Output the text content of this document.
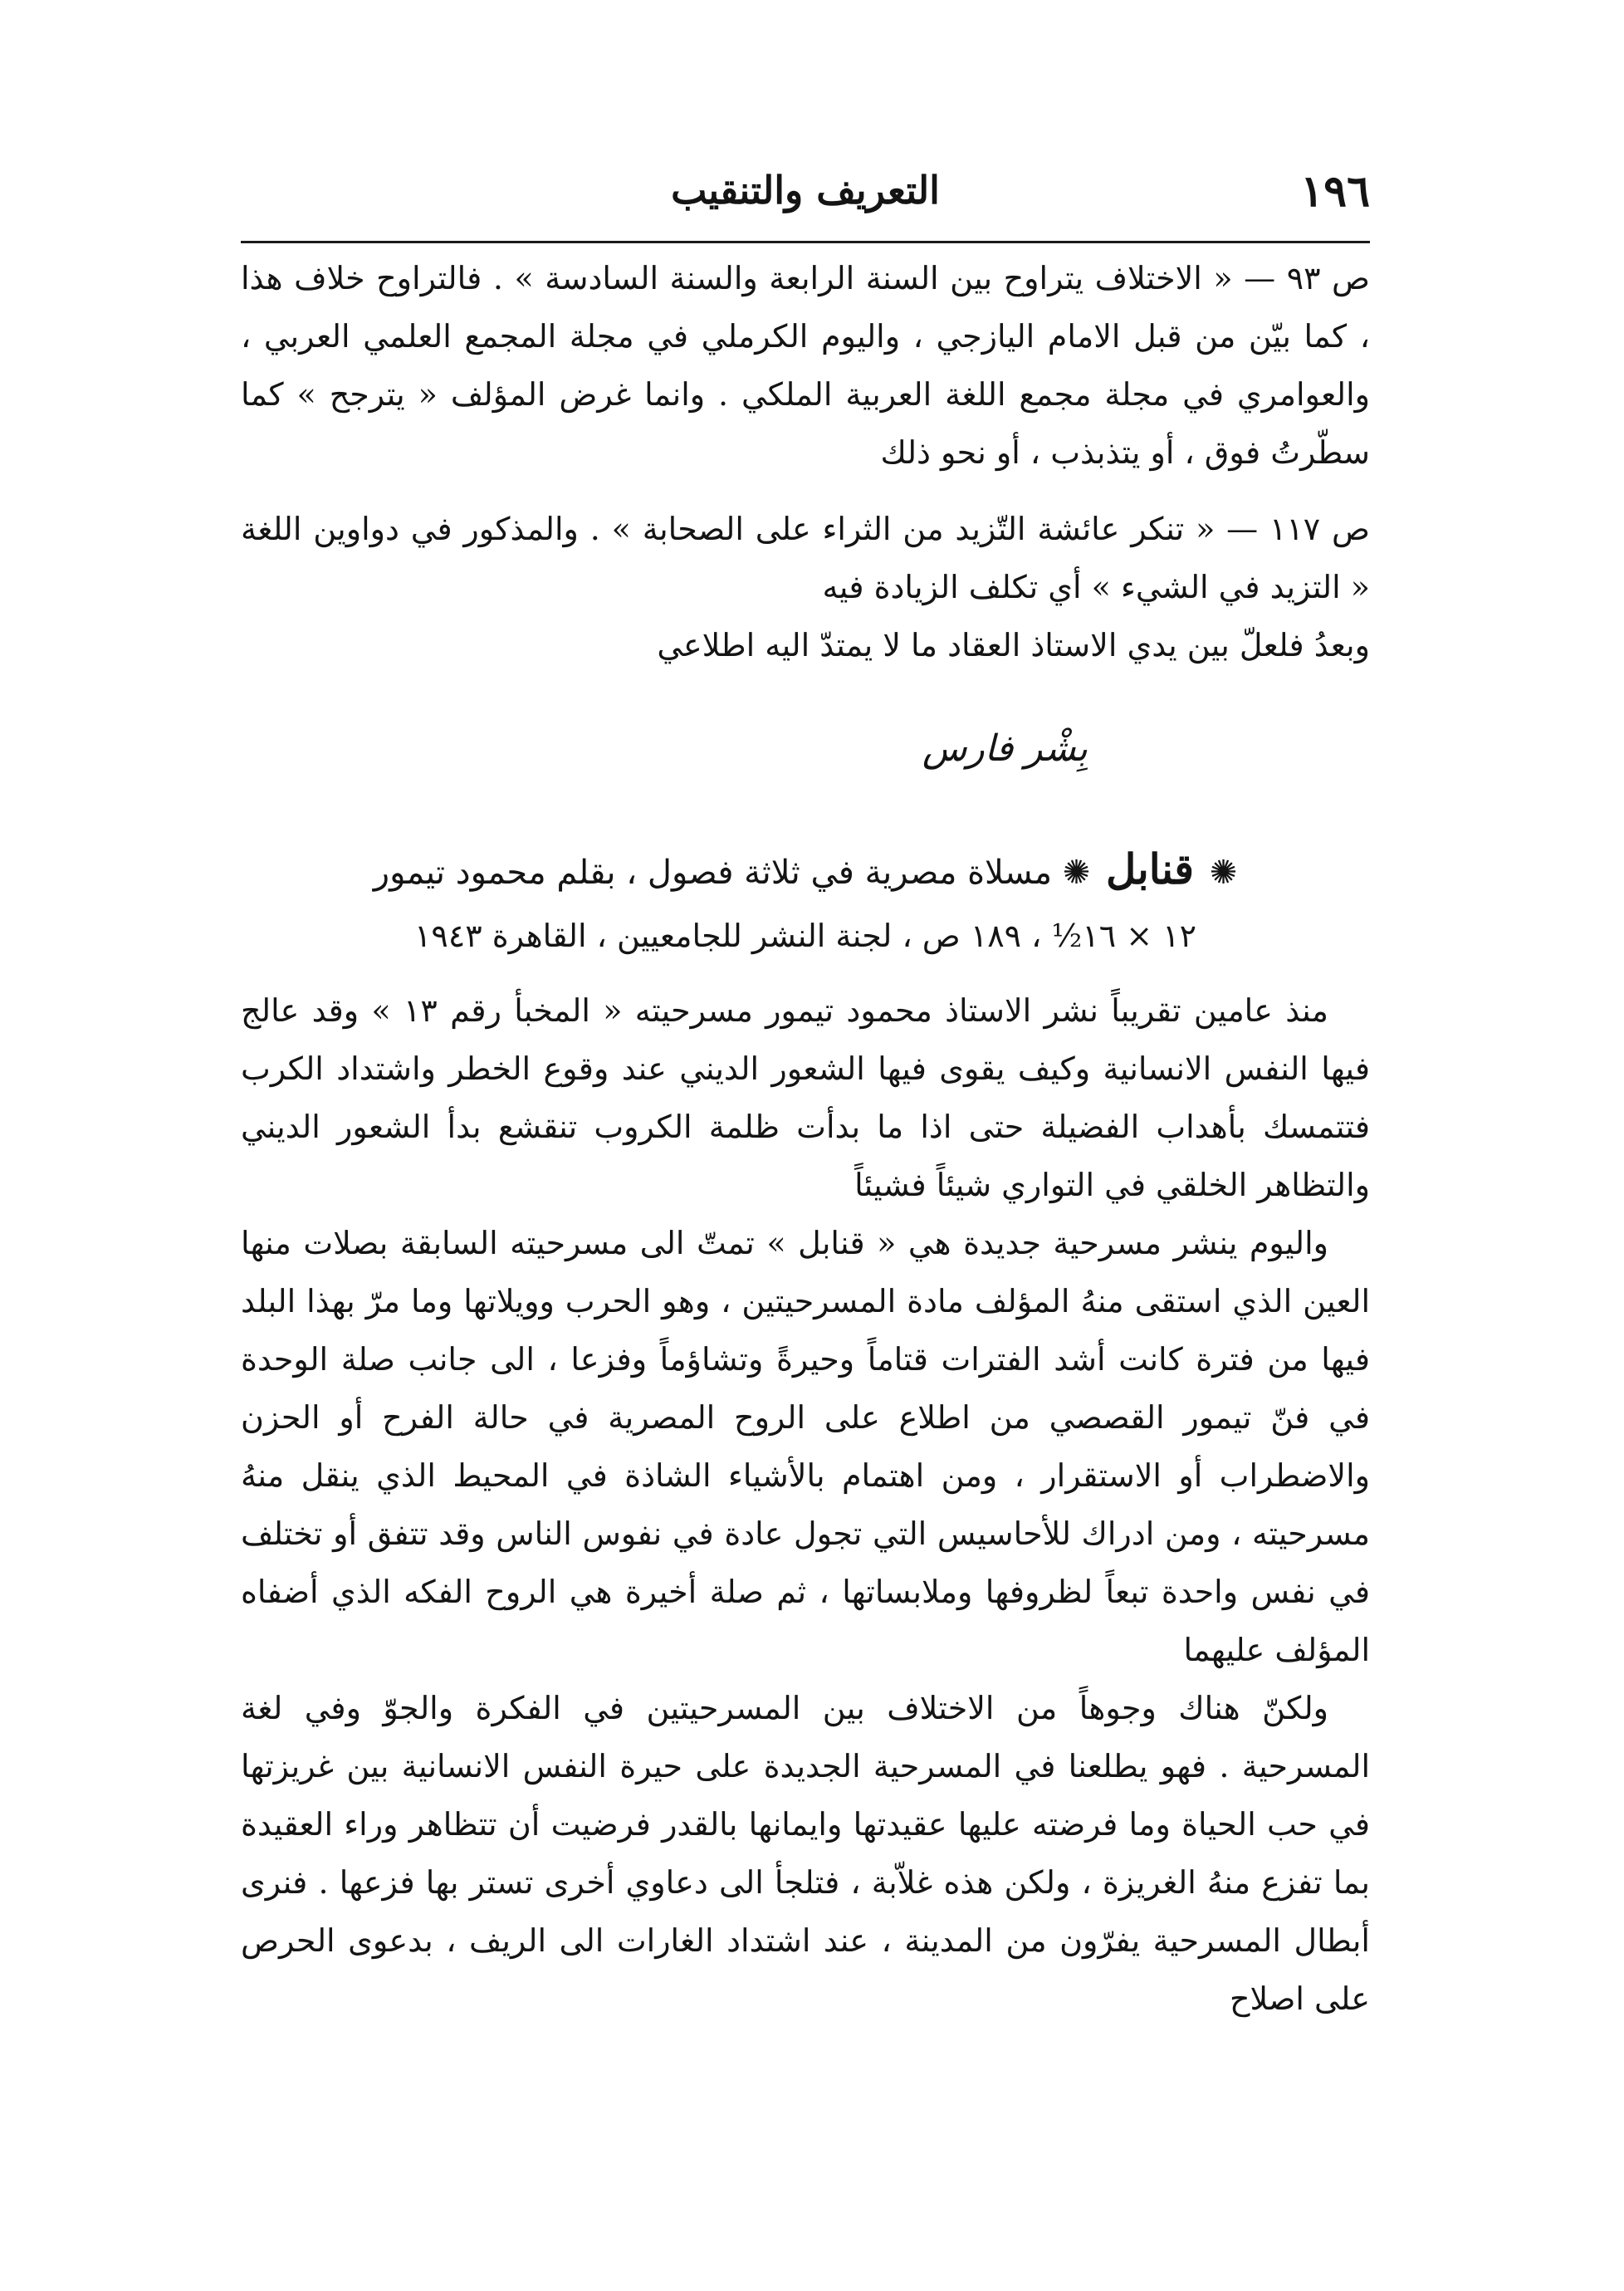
١٩٦
التعريف والتنقيب

ص ٩٣ — « الاختلاف يتراوح بين السنة الرابعة والسنة السادسة » . فالتراوح خلاف هذا ، كما بيّن من قبل الامام اليازجي ، واليوم الكرملي في مجلة المجمع العلمي العربي ، والعوامري في مجلة مجمع اللغة العربية الملكي . وانما غرض المؤلف « يترجح » كما سطّرتُ فوق ، أو يتذبذب ، أو نحو ذلك

ص ١١٧ — « تنكر عائشة التّزيد من الثراء على الصحابة » . والمذكور في دواوين اللغة « التزيد في الشيء » أي تكلف الزيادة فيه

وبعدُ فلعلّ بين يدي الاستاذ العقاد ما لا يمتدّ اليه اطلاعي

بِشْر فارس

✺ قنابل ✺ مسلاة مصرية في ثلاثة فصول ، بقلم محمود تيمور
١٢ × ١٦½ ، ١٨٩ ص ، لجنة النشر للجامعيين ، القاهرة ١٩٤٣

منذ عامين تقريباً نشر الاستاذ محمود تيمور مسرحيته « المخبأ رقم ١٣ » وقد عالج فيها النفس الانسانية وكيف يقوى فيها الشعور الديني عند وقوع الخطر واشتداد الكرب فتتمسك بأهداب الفضيلة حتى اذا ما بدأت ظلمة الكروب تنقشع بدأ الشعور الديني والتظاهر الخلقي في التواري شيئاً فشيئاً

واليوم ينشر مسرحية جديدة هي « قنابل » تمتّ الى مسرحيته السابقة بصلات منها العين الذي استقى منهُ المؤلف مادة المسرحيتين ، وهو الحرب وويلاتها وما مرّ بهذا البلد فيها من فترة كانت أشد الفترات قتاماً وحيرةً وتشاؤماً وفزعا ، الى جانب صلة الوحدة في فنّ تيمور القصصي من اطلاع على الروح المصرية في حالة الفرح أو الحزن والاضطراب أو الاستقرار ، ومن اهتمام بالأشياء الشاذة في المحيط الذي ينقل منهُ مسرحيته ، ومن ادراك للأحاسيس التي تجول عادة في نفوس الناس وقد تتفق أو تختلف في نفس واحدة تبعاً لظروفها وملابساتها ، ثم صلة أخيرة هي الروح الفكه الذي أضفاه المؤلف عليهما

ولكنّ هناك وجوهاً من الاختلاف بين المسرحيتين في الفكرة والجوّ وفي لغة المسرحية . فهو يطلعنا في المسرحية الجديدة على حيرة النفس الانسانية بين غريزتها في حب الحياة وما فرضته عليها عقيدتها وايمانها بالقدر فرضيت أن تتظاهر وراء العقيدة بما تفزع منهُ الغريزة ، ولكن هذه غلاّبة ، فتلجأ الى دعاوي أخرى تستر بها فزعها . فنرى أبطال المسرحية يفرّون من المدينة ، عند اشتداد الغارات الى الريف ، بدعوى الحرص على اصلاح
